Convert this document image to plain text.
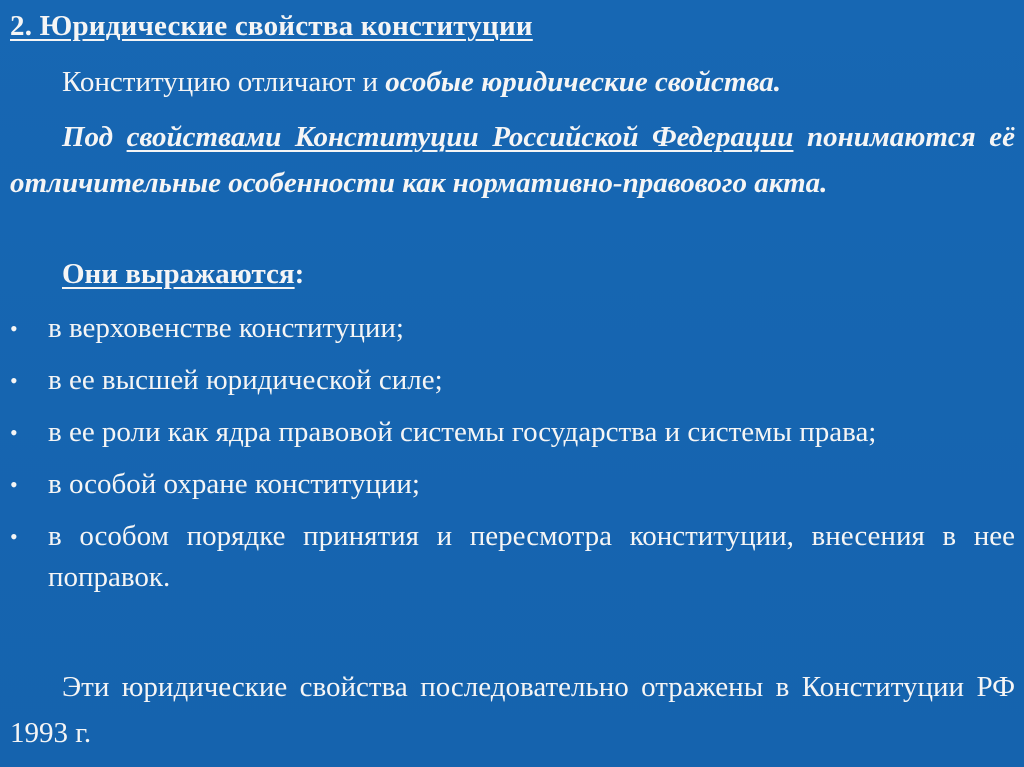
2. Юридические свойства конституции
Конституцию отличают и особые юридические свойства.
Под свойствами Конституции Российской Федерации понимаются её отличительные особенности как нормативно-правового акта.
Они выражаются:
•	в верховенстве конституции;
•	в ее высшей юридической силе;
•	в ее роли как ядра правовой системы государства и системы права;
•	в особой охране конституции;
•	в особом порядке принятия и пересмотра конституции, внесения в нее поправок.
Эти юридические свойства последовательно отражены в Конституции РФ 1993 г.
